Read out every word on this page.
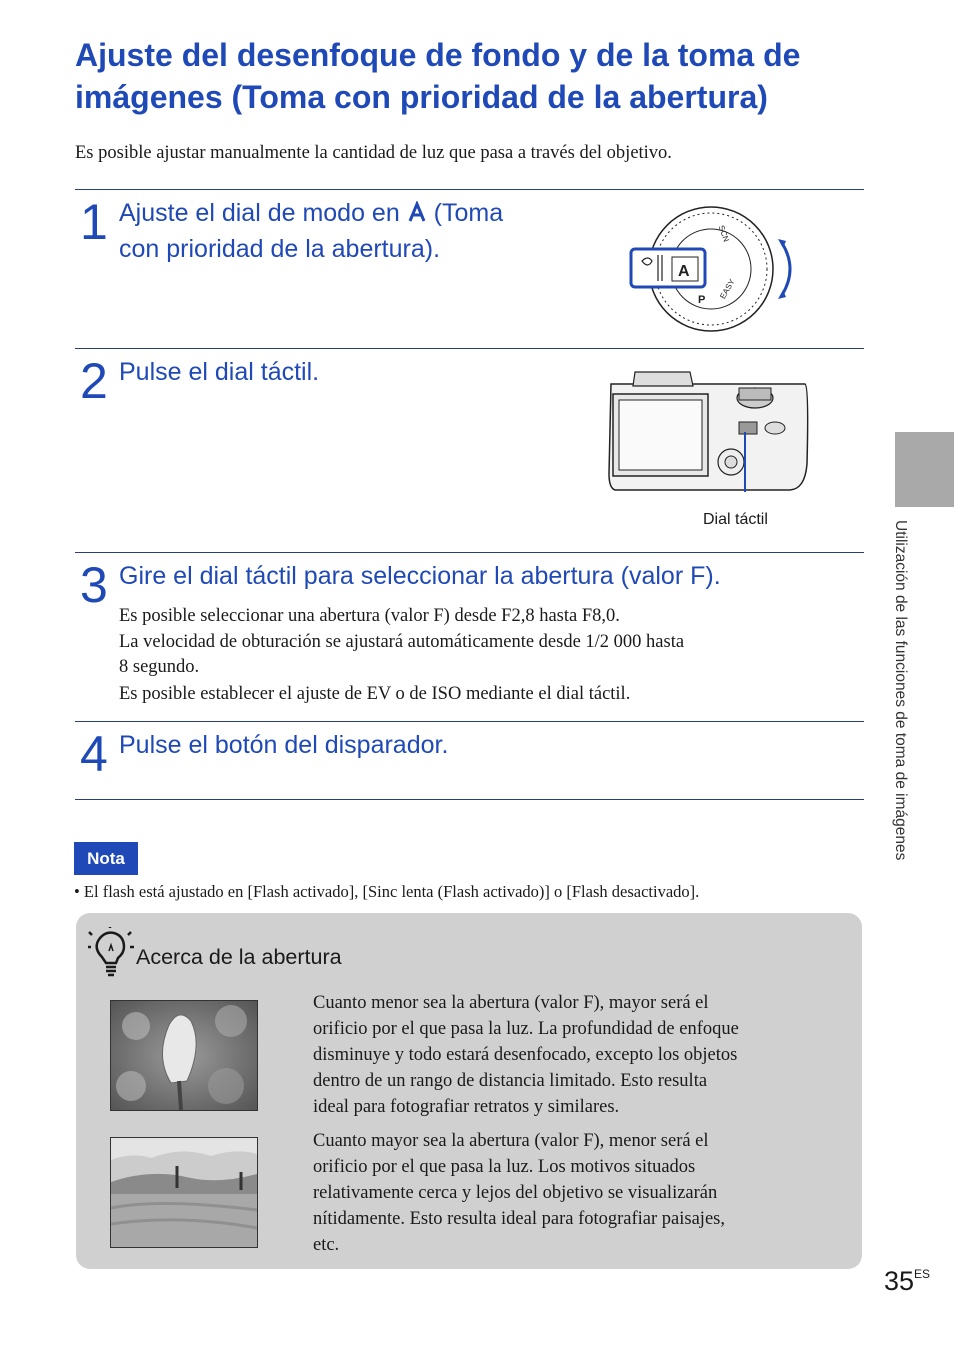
Ajuste del desenfoque de fondo y de la toma de imágenes (Toma con prioridad de la abertura)
Es posible ajustar manualmente la cantidad de luz que pasa a través del objetivo.
1 Ajuste el dial de modo en (Toma
con prioridad de la abertura).
A
SCN
EASY
P
2 Pulse el dial táctil.
Dial táctil
3 Gire el dial táctil para seleccionar la abertura (valor F).
Es posible seleccionar una abertura (valor F) desde F2,8 hasta F8,0.
La velocidad de obturación se ajustará automáticamente desde 1/2 000 hasta
8 segundo.
Es posible establecer el ajuste de EV o de ISO mediante el dial táctil.
4 Pulse el botón del disparador.
Nota
• El flash está ajustado en [Flash activado], [Sinc lenta (Flash activado)] o [Flash desactivado].
Acerca de la abertura
Cuanto menor sea la abertura (valor F), mayor será el
orificio por el que pasa la luz. La profundidad de enfoque
disminuye y todo estará desenfocado, excepto los objetos
dentro de un rango de distancia limitado. Esto resulta
ideal para fotografiar retratos y similares.
Cuanto mayor sea la abertura (valor F), menor será el
orificio por el que pasa la luz. Los motivos situados
relativamente cerca y lejos del objetivo se visualizarán
nítidamente. Esto resulta ideal para fotografiar paisajes,
etc.
Utilización de las funciones de toma de imágenes
$35^{ES}$
